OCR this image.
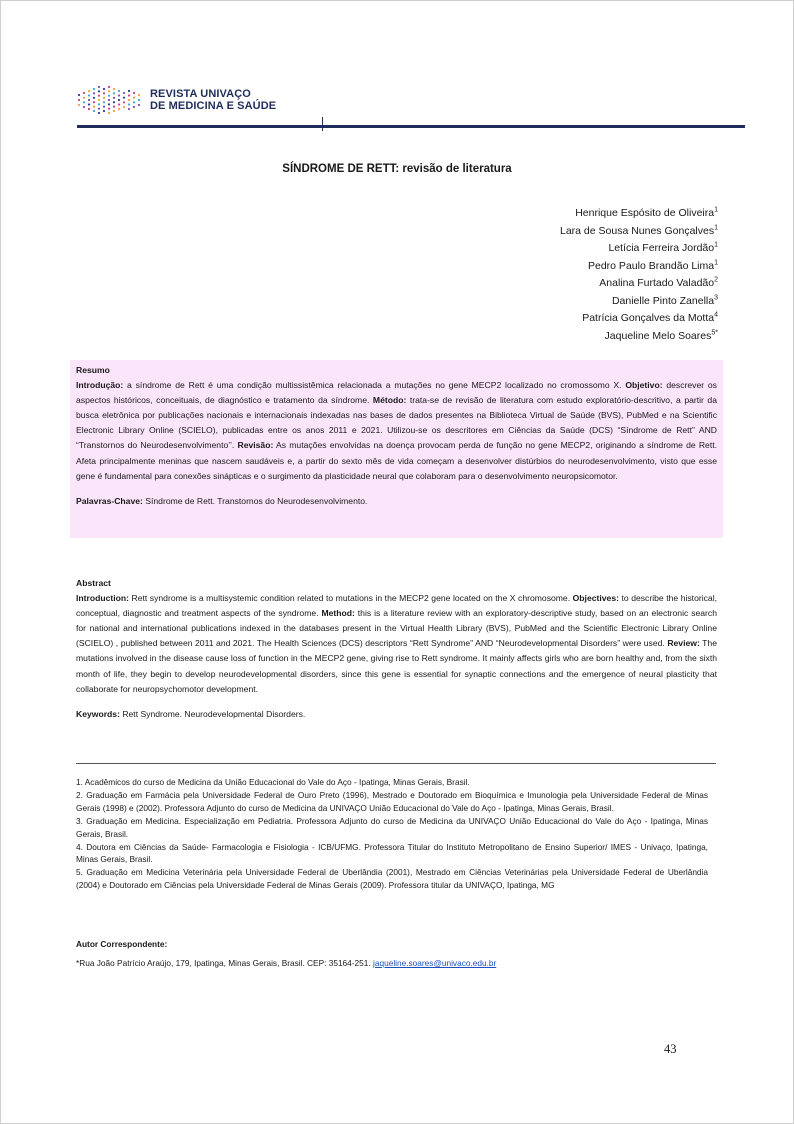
REVISTA UNIVAÇO
DE MEDICINA E SAÚDE
SÍNDROME DE RETT: revisão de literatura
Henrique Espósito de Oliveira$^1$
Lara de Sousa Nunes Gonçalves$^1$
Letícia Ferreira Jordão$^1$
Pedro Paulo Brandão Lima$^1$
Analina Furtado Valadão$^2$
Danielle Pinto Zanella$^3$
Patrícia Gonçalves da Motta$^4$
Jaqueline Melo Soares$^{5*}$
Resumo
Introdução: a síndrome de Rett é uma condição multissistêmica relacionada a mutações no gene MECP2 localizado no cromossomo X. Objetivo: descrever os aspectos históricos, conceituais, de diagnóstico e tratamento da síndrome. Método: trata-se de revisão de literatura com estudo exploratório-descritivo, a partir da busca eletrônica por publicações nacionais e internacionais indexadas nas bases de dados presentes na Biblioteca Virtual de Saúde (BVS), PubMed e na Scientific Electronic Library Online (SCIELO), publicadas entre os anos 2011 e 2021. Utilizou-se os descritores em Ciências da Saúde (DCS) “Síndrome de Rett” AND “Transtornos do Neurodesenvolvimento’’. Revisão: As mutações envolvidas na doença provocam perda de função no gene MECP2, originando a síndrome de Rett. Afeta principalmente meninas que nascem saudáveis e, a partir do sexto mês de vida começam a desenvolver distúrbios do neurodesenvolvimento, visto que esse gene é fundamental para conexões sinápticas e o surgimento da plasticidade neural que colaboram para o desenvolvimento neuropsicomotor.
Palavras-Chave: Síndrome de Rett. Transtornos do Neurodesenvolvimento.
Abstract
Introduction: Rett syndrome is a multisystemic condition related to mutations in the MECP2 gene located on the X chromosome. Objectives: to describe the historical, conceptual, diagnostic and treatment aspects of the syndrome. Method: this is a literature review with an exploratory-descriptive study, based on an electronic search for national and international publications indexed in the databases present in the Virtual Health Library (BVS), PubMed and the Scientific Electronic Library Online (SCIELO) , published between 2011 and 2021. The Health Sciences (DCS) descriptors “Rett Syndrome” AND “Neurodevelopmental Disorders” were used. Review: The mutations involved in the disease cause loss of function in the MECP2 gene, giving rise to Rett syndrome. It mainly affects girls who are born healthy and, from the sixth month of life, they begin to develop neurodevelopmental disorders, since this gene is essential for synaptic connections and the emergence of neural plasticity that collaborate for neuropsychomotor development.
Keywords: Rett Syndrome. Neurodevelopmental Disorders.

1. Acadêmicos do curso de Medicina da União Educacional do Vale do Aço - Ipatinga, Minas Gerais, Brasil.

2. Graduação em Farmácia pela Universidade Federal de Ouro Preto (1996), Mestrado e Doutorado em Bioquímica e Imunologia pela Universidade Federal de Minas Gerais (1998) e (2002). Professora Adjunto do curso de Medicina da UNIVAÇO União Educacional do Vale do Aço - Ipatinga, Minas Gerais, Brasil.

3. Graduação em Medicina. Especialização em Pediatria. Professora Adjunto do curso de Medicina da UNIVAÇO União Educacional do Vale do Aço - Ipatinga, Minas Gerais, Brasil.

4. Doutora em Ciências da Saúde- Farmacologia e Fisiologia - ICB/UFMG. Professora Titular do Instituto Metropolitano de Ensino Superior/ IMES - Univaço, Ipatinga, Minas Gerais, Brasil.

5. Graduação em Medicina Veterinária pela Universidade Federal de Uberlândia (2001), Mestrado em Ciências Veterinárias pela Universidade Federal de Uberlândia (2004) e Doutorado em Ciências pela Universidade Federal de Minas Gerais (2009). Professora titular da UNIVAÇO, Ipatinga, MG

Autor Correspondente:
*Rua João Patrício Araújo, 179, Ipatinga, Minas Gerais, Brasil. CEP: 35164-251. jaqueline.soares@univaco.edu.br
43
